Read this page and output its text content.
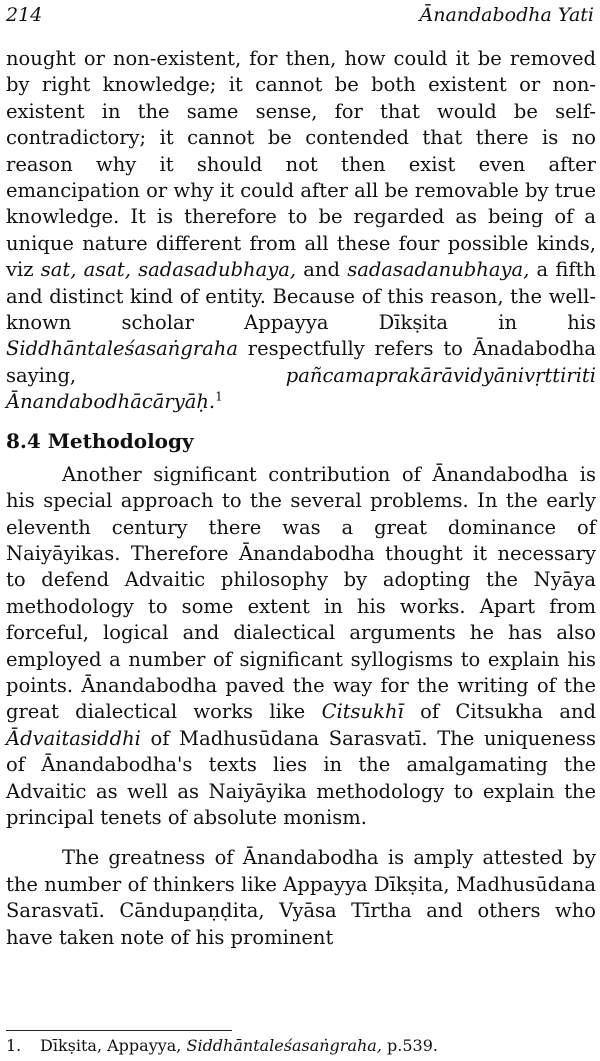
214	Ānandabodha Yati

nought or non-existent, for then, how could it be removed by right knowledge; it cannot be both existent or non-existent in the same sense, for that would be self-contradictory; it cannot be contended that there is no reason why it should not then exist even after emancipation or why it could after all be removable by true knowledge. It is therefore to be regarded as being of a unique nature different from all these four possible kinds, viz sat, asat, sadasadubhaya, and sadasadanubhaya, a fifth and distinct kind of entity. Because of this reason, the well-known scholar Appayya Dīkṣita in his Siddhāntaleśasaṅgraha respectfully refers to Ānadabodha saying, pañcamaprakārāvidyānivṛttiriti Ānandabodhācāryāḥ.$^1$

8.4 Methodology

Another significant contribution of Ānandabodha is his special approach to the several problems. In the early eleventh century there was a great dominance of Naiyāyikas. Therefore Ānandabodha thought it necessary to defend Advaitic philosophy by adopting the Nyāya methodology to some extent in his works. Apart from forceful, logical and dialectical arguments he has also employed a number of significant syllogisms to explain his points. Ānandabodha paved the way for the writing of the great dialectical works like Citsukhī of Citsukha and Ādvaitasiddhi of Madhusūdana Sarasvatī. The uniqueness of Ānandabodha's texts lies in the amalgamating the Advaitic as well as Naiyāyika methodology to explain the principal tenets of absolute monism.

The greatness of Ānandabodha is amply attested by the number of thinkers like Appayya Dīkṣita, Madhusūdana Sarasvatī. Cāndupaṇḍita, Vyāsa Tīrtha and others who have taken note of his prominent

1. Dīkṣita, Appayya, Siddhāntaleśasaṅgraha, p.539.
